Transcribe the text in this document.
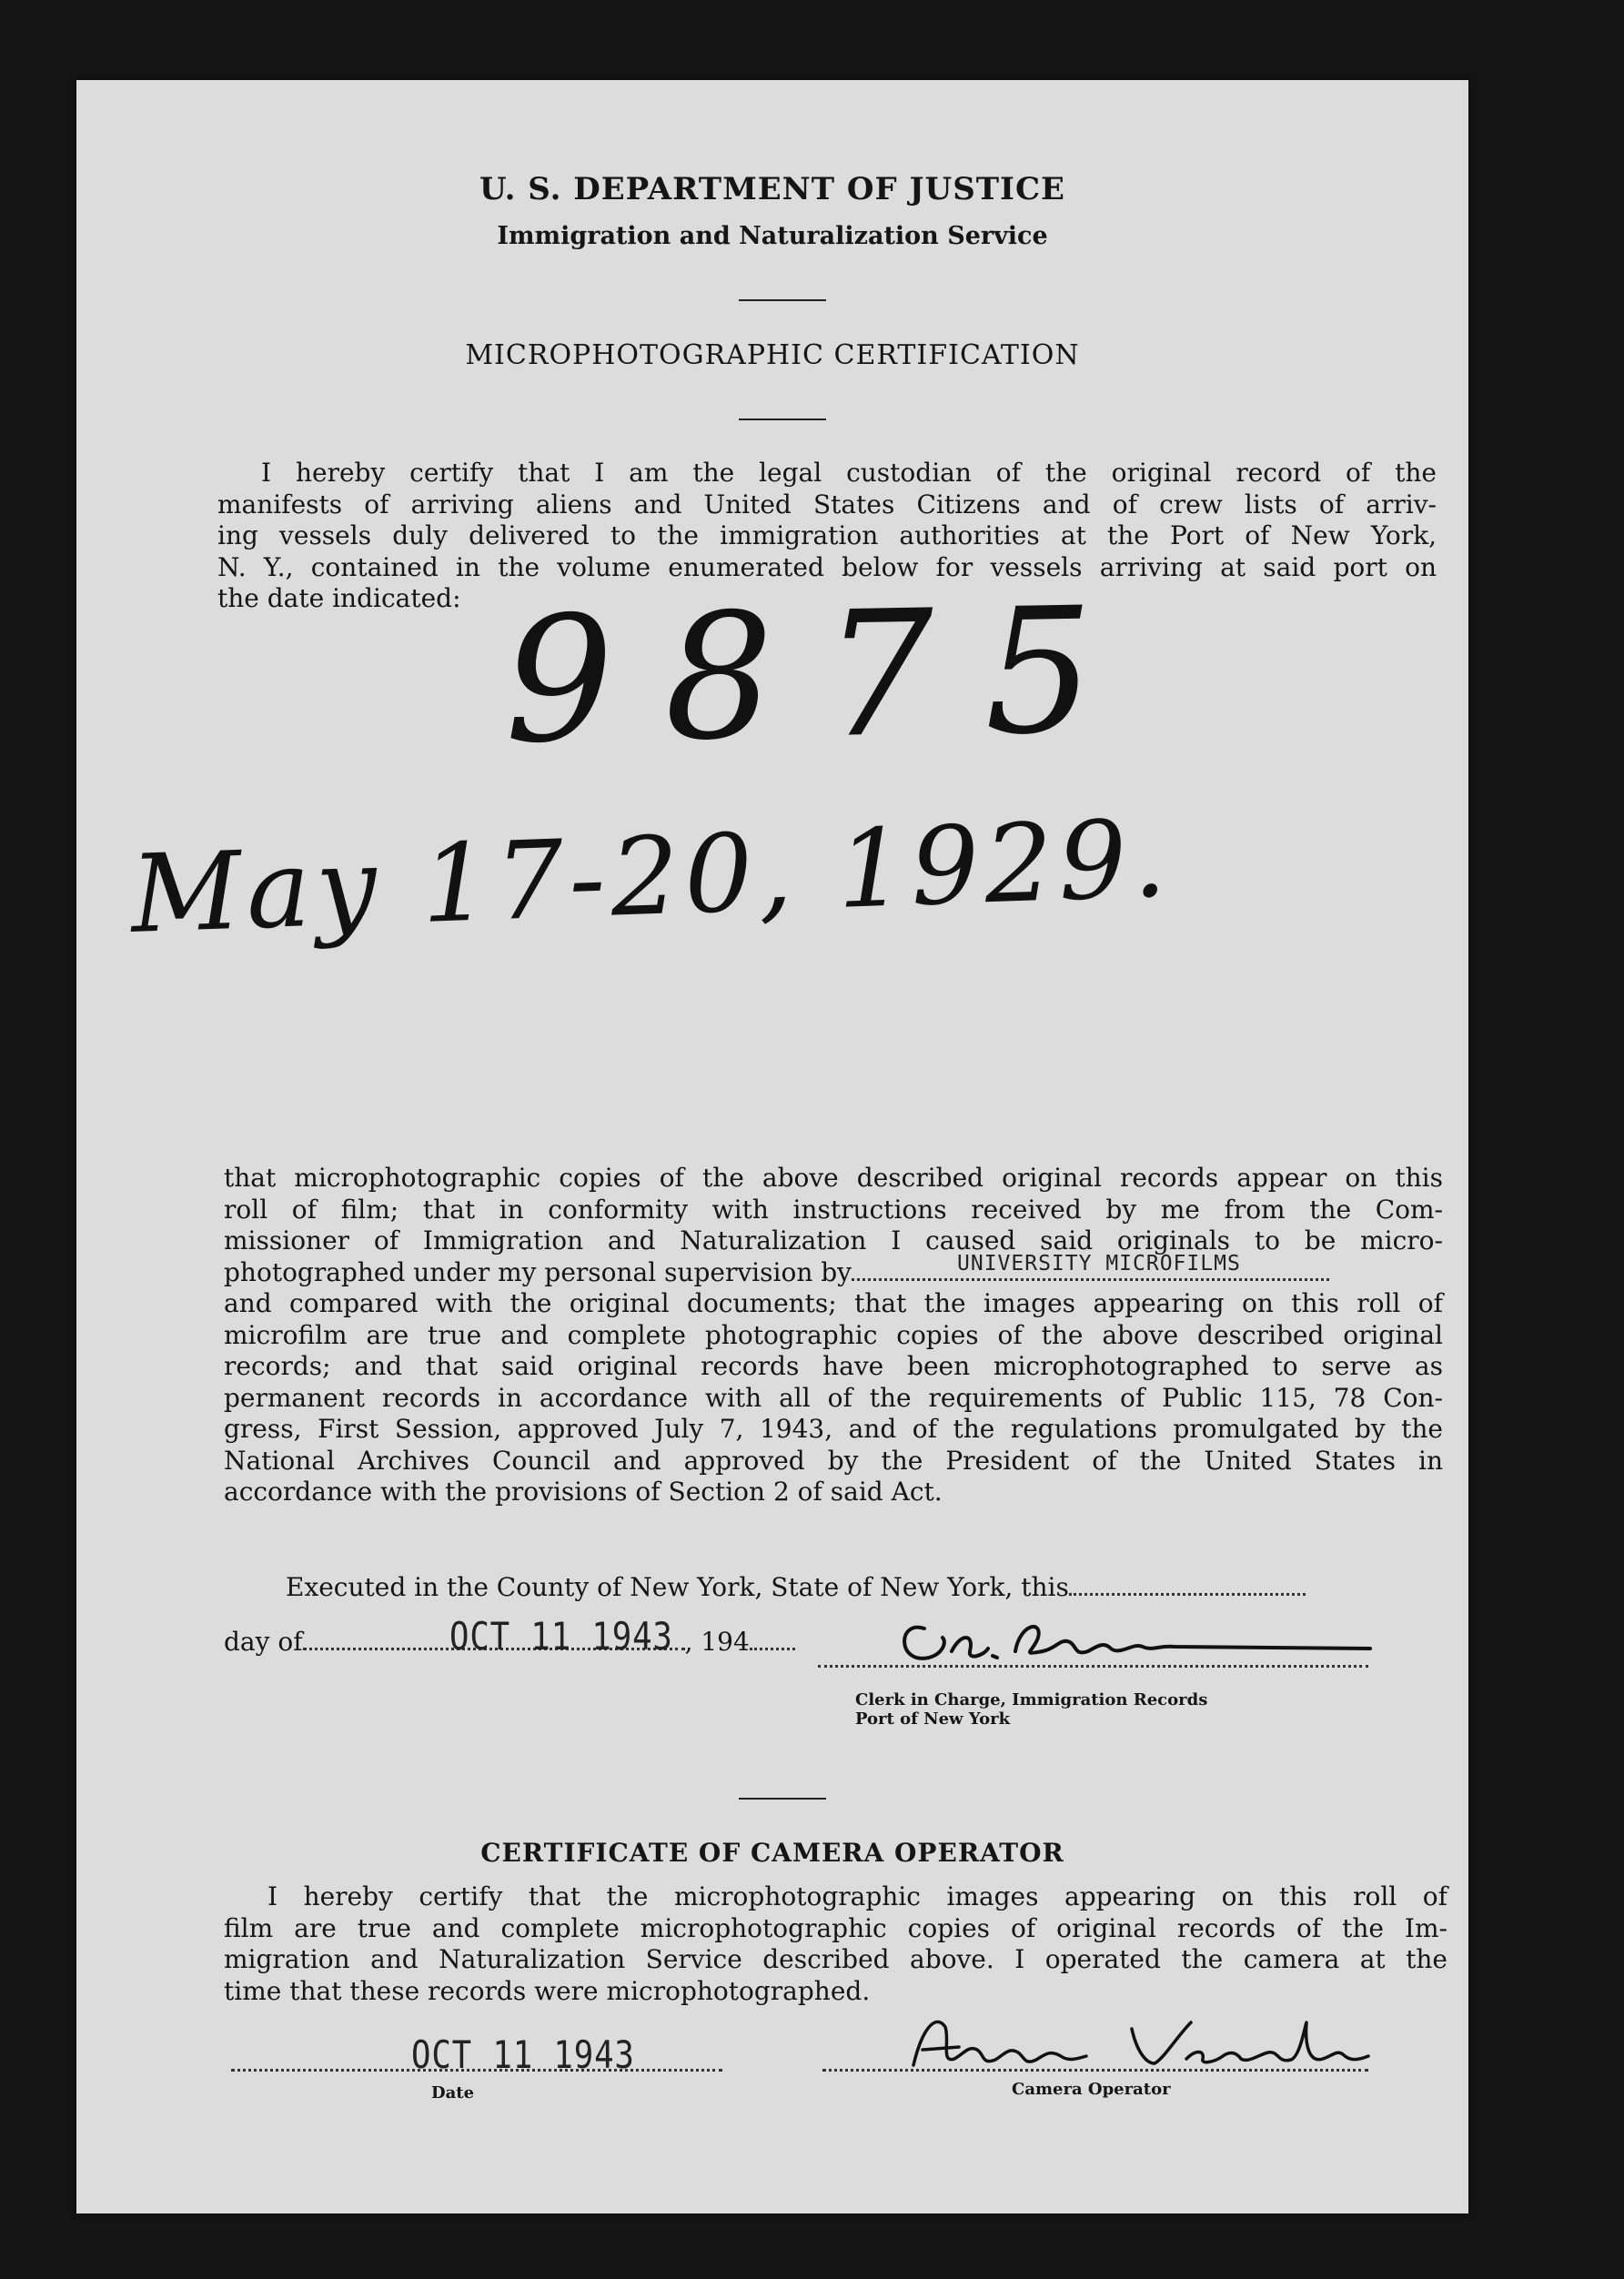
U. S. DEPARTMENT OF JUSTICE
Immigration and Naturalization Service
MICROPHOTOGRAPHIC CERTIFICATION
I hereby certify that I am the legal custodian of the original record of the
manifests of arriving aliens and United States Citizens and of crew lists of arriv-
ing vessels duly delivered to the immigration authorities at the Port of New York,
N. Y., contained in the volume enumerated below for vessels arriving at said port on
the date indicated: 9875
May 17-20, 1929.
that microphotographic copies of the above described original records appear on this
roll of film; that in conformity with instructions received by me from the Com-
missioner of Immigration and Naturalization I caused said originals to be micro-
photographed under my personal supervision by	UNIVERSITY MICROFILMS
and compared with the original documents; that the images appearing on this roll of
microfilm are true and complete photographic copies of the above described original
records; and that said original records have been microphotographed to serve as
permanent records in accordance with all of the requirements of Public 115, 78 Con-
gress, First Session, approved July 7, 1943, and of the regulations promulgated by the
National Archives Council and approved by the President of the United States in
accordance with the provisions of Section 2 of said Act.
Executed in the County of New York, State of New York, this
day of	, 194
OCT 11 1943
Clerk in Charge, Immigration Records
Port of New York
CERTIFICATE OF CAMERA OPERATOR
I hereby certify that the microphotographic images appearing on this roll of
film are true and complete microphotographic copies of original records of the Im-
migration and Naturalization Service described above. I operated the camera at the
time that these records were microphotographed.
OCT 11 1943
Date	Camera Operator
